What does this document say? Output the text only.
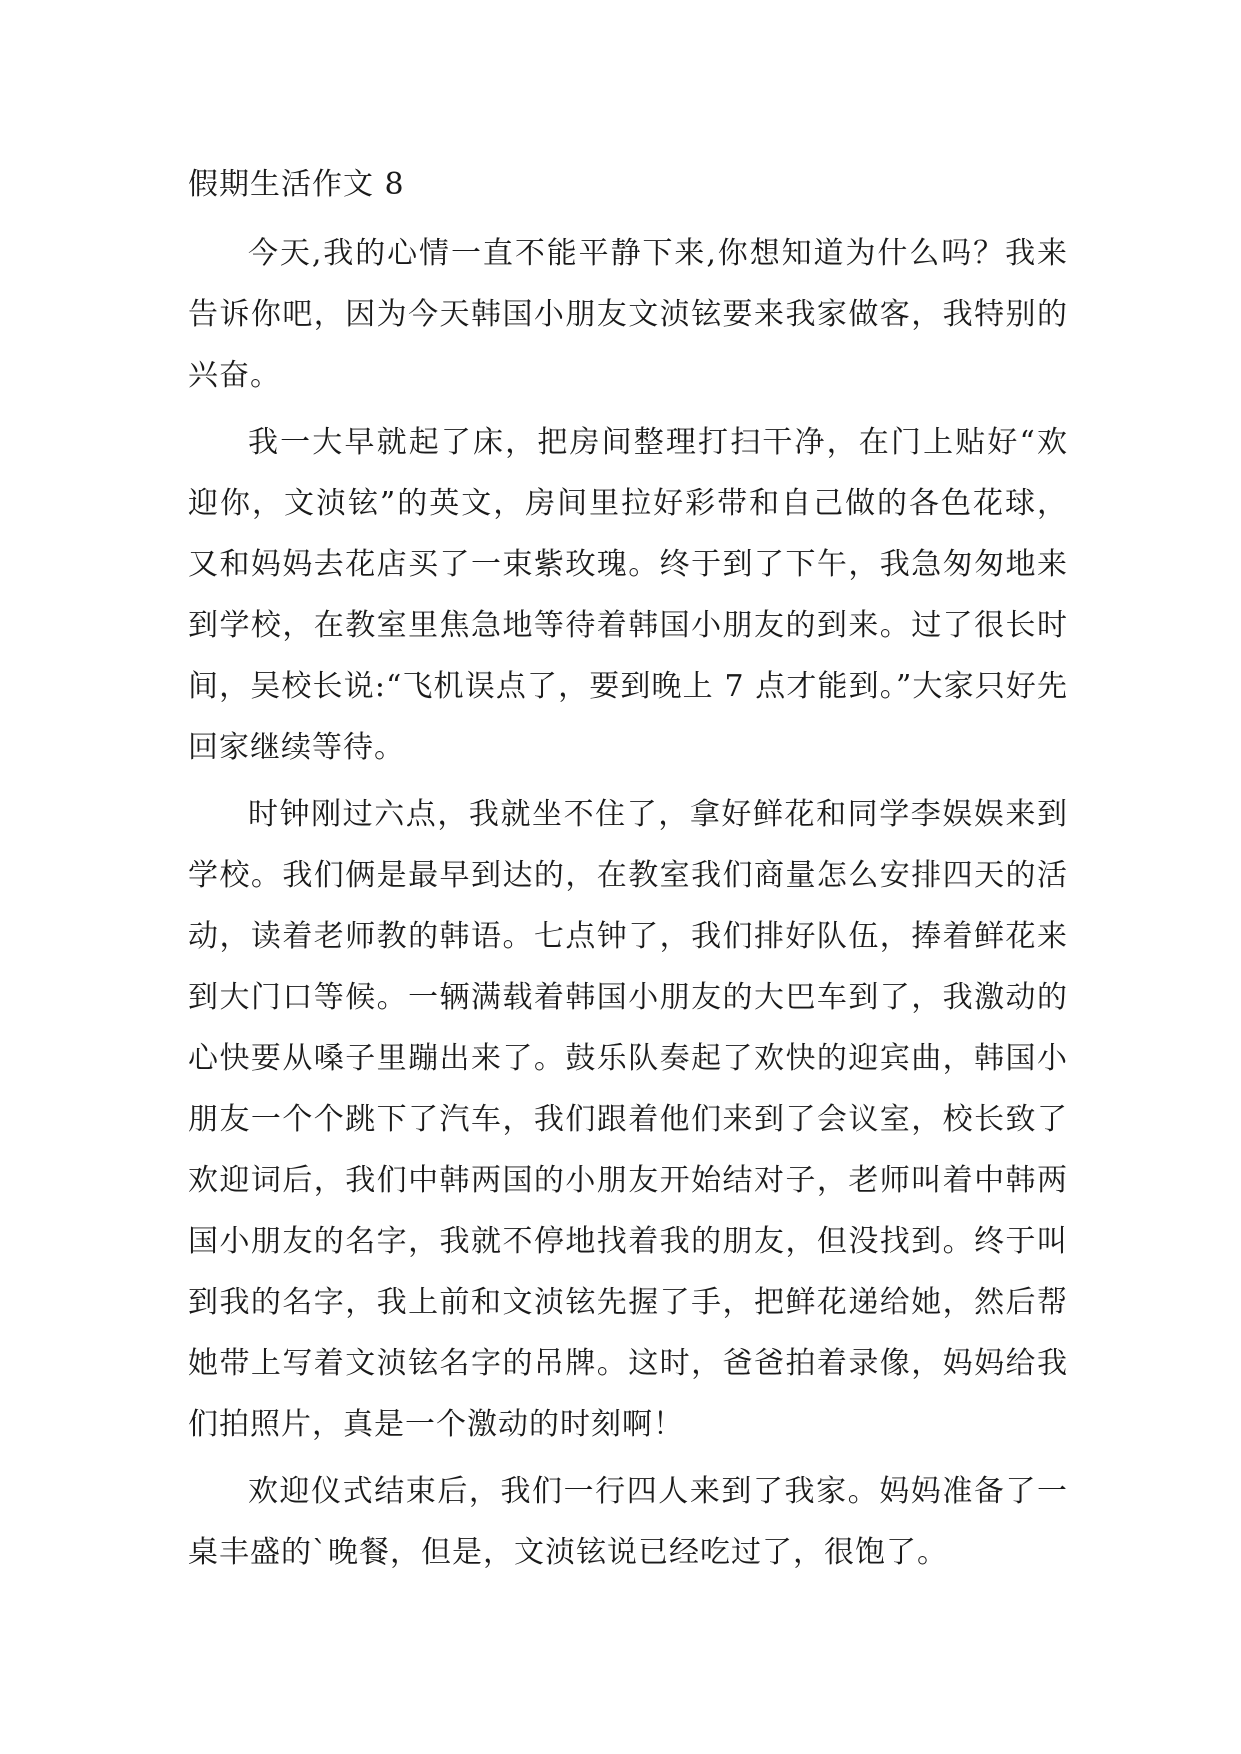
假期生活作文 8

今天,我的心情一直不能平静下来,你想知道为什么吗？我来告诉你吧，因为今天韩国小朋友文浈铉要来我家做客，我特别的兴奋。

我一大早就起了床，把房间整理打扫干净，在门上贴好“欢迎你，文浈铉”的英文，房间里拉好彩带和自己做的各色花球，又和妈妈去花店买了一束紫玫瑰。终于到了下午，我急匆匆地来到学校，在教室里焦急地等待着韩国小朋友的到来。过了很长时间，吴校长说:“飞机误点了，要到晚上 7 点才能到。”大家只好先回家继续等待。

时钟刚过六点，我就坐不住了，拿好鲜花和同学李娱娱来到学校。我们俩是最早到达的，在教室我们商量怎么安排四天的活动，读着老师教的韩语。七点钟了，我们排好队伍，捧着鲜花来到大门口等候。一辆满载着韩国小朋友的大巴车到了，我激动的心快要从嗓子里蹦出来了。鼓乐队奏起了欢快的迎宾曲，韩国小朋友一个个跳下了汽车，我们跟着他们来到了会议室，校长致了欢迎词后，我们中韩两国的小朋友开始结对子，老师叫着中韩两国小朋友的名字，我就不停地找着我的朋友，但没找到。终于叫到我的名字，我上前和文浈铉先握了手，把鲜花递给她，然后帮她带上写着文浈铉名字的吊牌。这时，爸爸拍着录像，妈妈给我们拍照片，真是一个激动的时刻啊！

欢迎仪式结束后，我们一行四人来到了我家。妈妈准备了一桌丰盛的`晚餐，但是，文浈铉说已经吃过了，很饱了。
